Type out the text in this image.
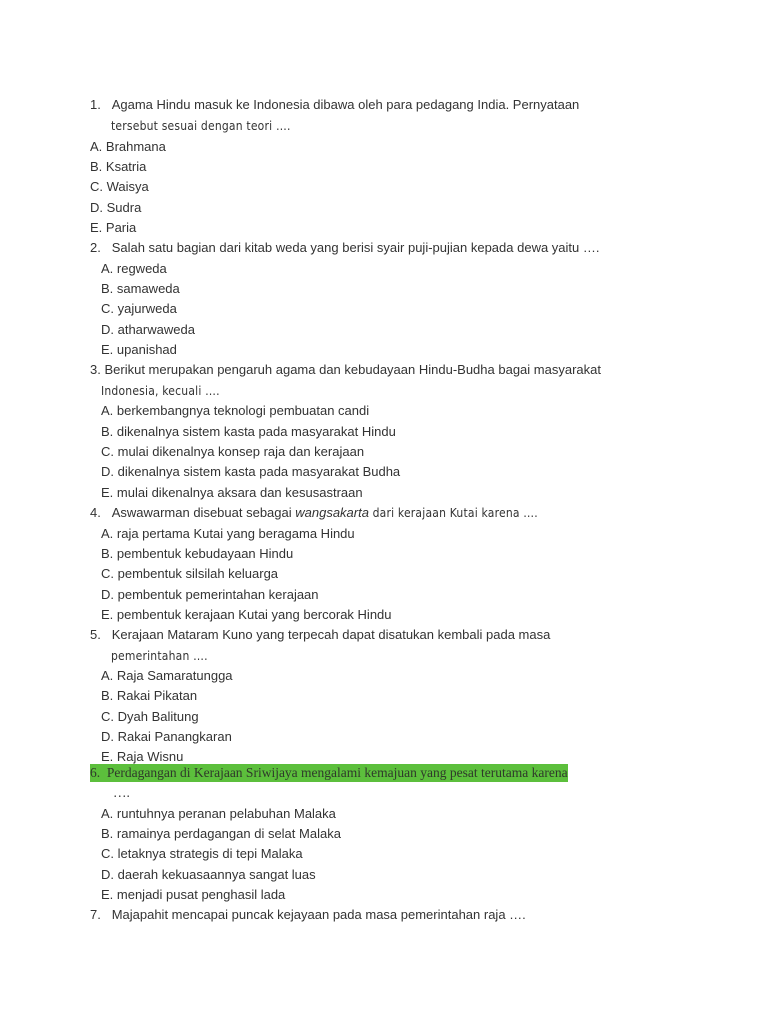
1. Agama Hindu masuk ke Indonesia dibawa oleh para pedagang India. Pernyataan
tersebut sesuai dengan teori ….
A. Brahmana
B. Ksatria
C. Waisya
D. Sudra
E. Paria
2. Salah satu bagian dari kitab weda yang berisi syair puji-pujian kepada dewa yaitu ….
A. regweda
B. samaweda
C. yajurweda
D. atharwaweda
E. upanishad
3. Berikut merupakan pengaruh agama dan kebudayaan Hindu-Budha bagai masyarakat
Indonesia, kecuali ….
A. berkembangnya teknologi pembuatan candi
B. dikenalnya sistem kasta pada masyarakat Hindu
C. mulai dikenalnya konsep raja dan kerajaan
D. dikenalnya sistem kasta pada masyarakat Budha
E. mulai dikenalnya aksara dan kesusastraan
4. Aswawarman disebuat sebagai wangsakarta dari kerajaan Kutai karena ….
A. raja pertama Kutai yang beragama Hindu
B. pembentuk kebudayaan Hindu
C. pembentuk silsilah keluarga
D. pembentuk pemerintahan kerajaan
E. pembentuk kerajaan Kutai yang bercorak Hindu
5. Kerajaan Mataram Kuno yang terpecah dapat disatukan kembali pada masa
pemerintahan ….
A. Raja Samaratungga
B. Rakai Pikatan
C. Dyah Balitung
D. Rakai Panangkaran
E. Raja Wisnu
6. Perdagangan di Kerajaan Sriwijaya mengalami kemajuan yang pesat terutama karena
….
A. runtuhnya peranan pelabuhan Malaka
B. ramainya perdagangan di selat Malaka
C. letaknya strategis di tepi Malaka
D. daerah kekuasaannya sangat luas
E. menjadi pusat penghasil lada
7. Majapahit mencapai puncak kejayaan pada masa pemerintahan raja ….
